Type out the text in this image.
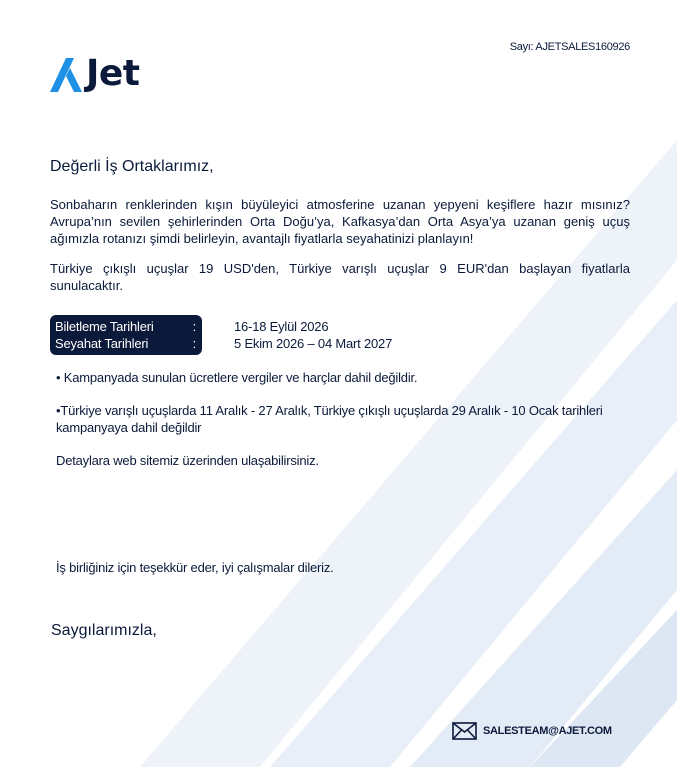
Sayı: AJETSALES160926
Jet
Değerli İş Ortaklarımız,

Sonbaharın renklerinden kışın büyüleyici atmosferine uzanan yepyeni keşiflere hazır mısınız? Avrupa’nın sevilen şehirlerinden Orta Doğu’ya, Kafkasya’dan Orta Asya’ya uzanan geniş uçuş ağımızla rotanızı şimdi belirleyin, avantajlı fiyatlarla seyahatinizi planlayın!

Türkiye çıkışlı uçuşlar 19 USD'den, Türkiye varışlı uçuşlar 9 EUR'dan başlayan fiyatlarla sunulacaktır.

Biletleme Tarihleri	:
Seyahat Tarihleri	:
16-18 Eylül 2026
5 Ekim 2026 – 04 Mart 2027
• Kampanyada sunulan ücretlere vergiler ve harçlar dahil değildir.
•Türkiye varışlı uçuşlarda 11 Aralık - 27 Aralık, Türkiye çıkışlı uçuşlarda 29 Aralık - 10 Ocak tarihleri kampanyaya dahil değildir
Detaylara web sitemiz üzerinden ulaşabilirsiniz.
İş birliğiniz için teşekkür eder, iyi çalışmalar dileriz.
Saygılarımızla,
SALESTEAM@AJET.COM
